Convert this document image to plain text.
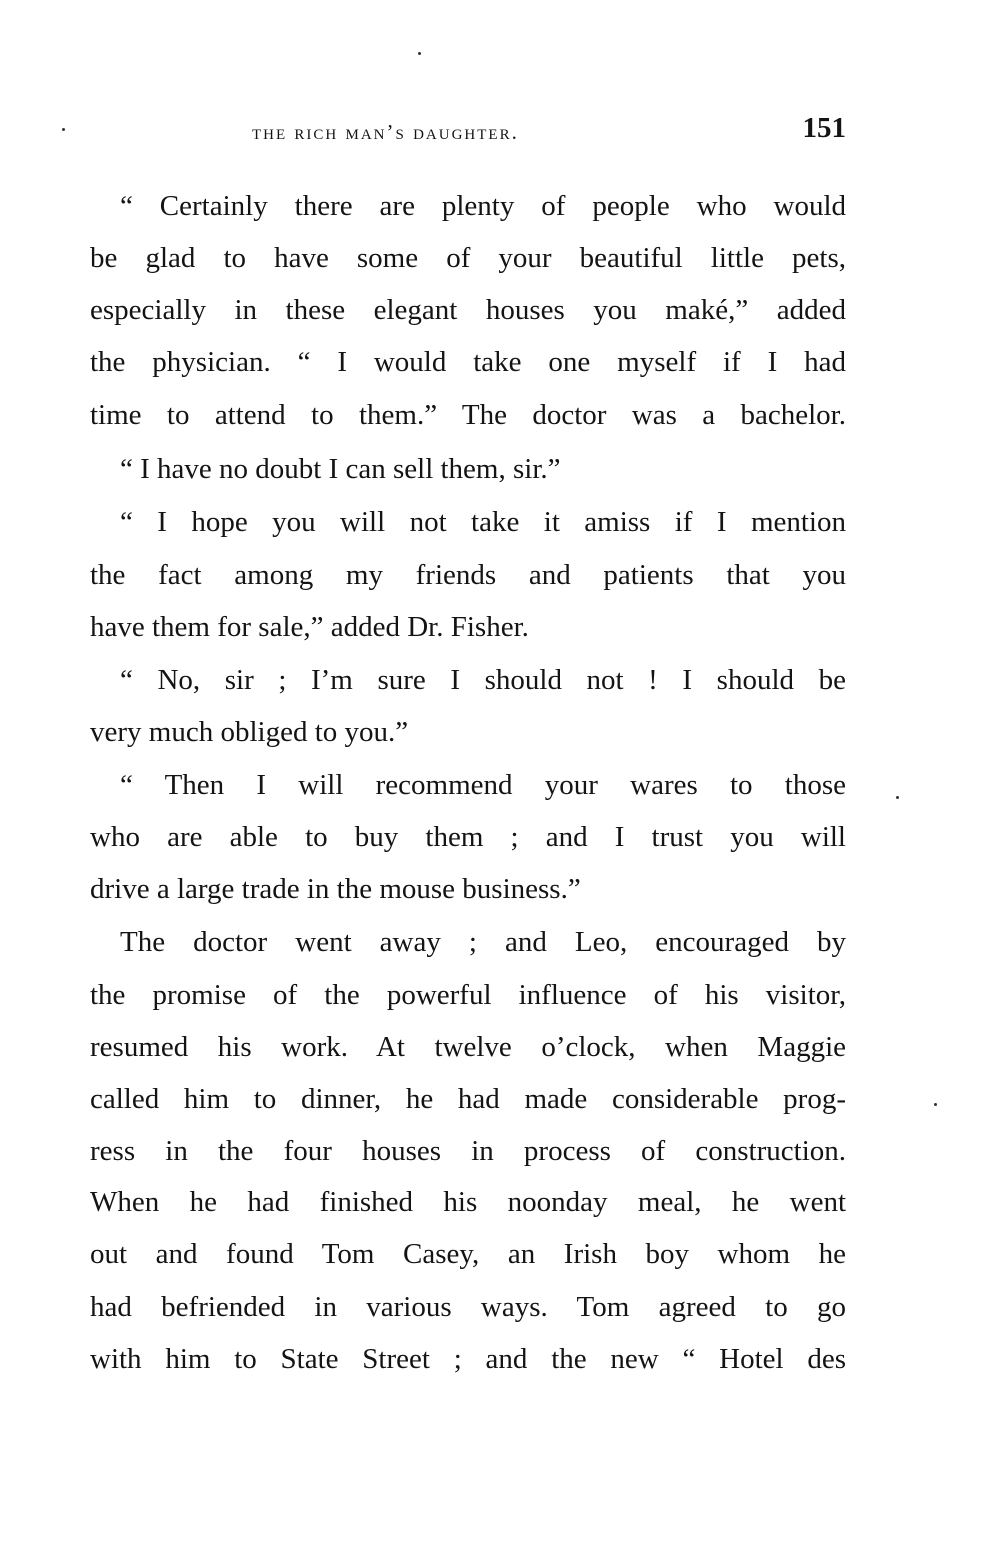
the rich man’s daughter.	151
“ Certainly there are plenty of people who would
be glad to have some of your beautiful little pets,
especially in these elegant houses you maké,” added
the physician. “ I would take one myself if I had
time to attend to them.” The doctor was a bachelor.
“ I have no doubt I can sell them, sir.”
“ I hope you will not take it amiss if I mention
the fact among my friends and patients that you
have them for sale,” added Dr. Fisher.
“ No, sir ; I’m sure I should not ! I should be
very much obliged to you.”
“ Then I will recommend your wares to those
who are able to buy them ; and I trust you will
drive a large trade in the mouse business.”
The doctor went away ; and Leo, encouraged by
the promise of the powerful influence of his visitor,
resumed his work. At twelve o’clock, when Maggie
called him to dinner, he had made considerable prog-
ress in the four houses in process of construction.
When he had finished his noonday meal, he went
out and found Tom Casey, an Irish boy whom he
had befriended in various ways. Tom agreed to go
with him to State Street ; and the new “ Hotel des
